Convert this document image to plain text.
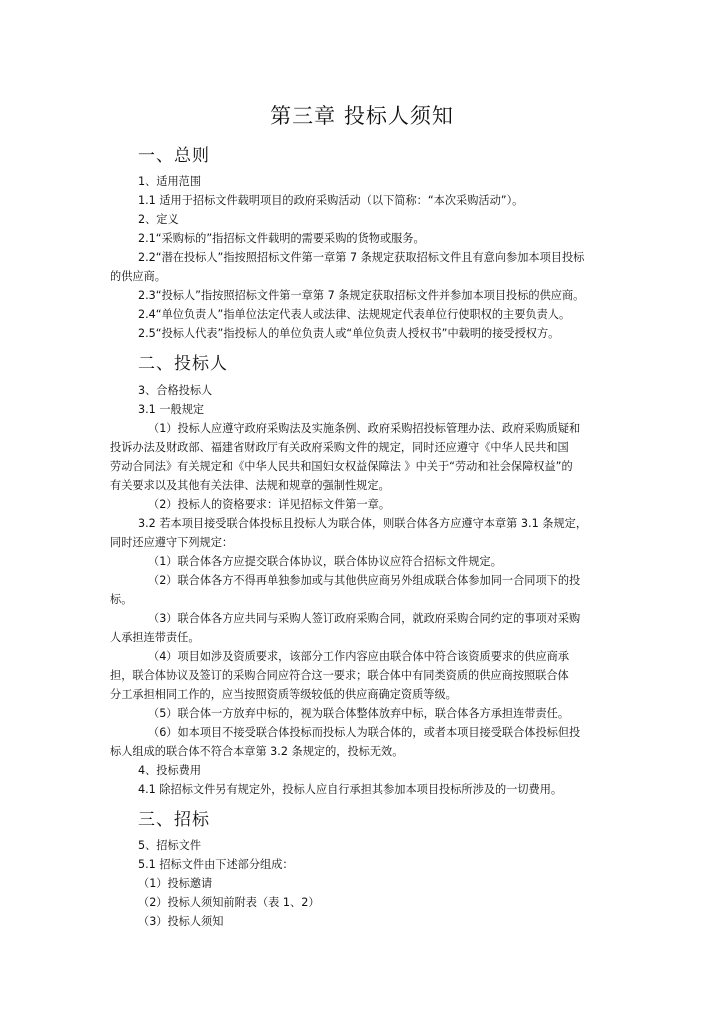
第三章 投标人须知
一、总则

1、适用范围

1.1 适用于招标文件载明项目的政府采购活动（以下简称：“本次采购活动”）。

2、定义

2.1“采购标的”指招标文件载明的需要采购的货物或服务。

2.2“潜在投标人”指按照招标文件第一章第 7 条规定获取招标文件且有意向参加本项目投标

的供应商。

2.3“投标人”指按照招标文件第一章第 7 条规定获取招标文件并参加本项目投标的供应商。

2.4“单位负责人”指单位法定代表人或法律、法规规定代表单位行使职权的主要负责人。

2.5“投标人代表”指投标人的单位负责人或“单位负责人授权书”中载明的接受授权方。

二、投标人

3、合格投标人

3.1 一般规定

（1）投标人应遵守政府采购法及实施条例、政府采购招投标管理办法、政府采购质疑和

投诉办法及财政部、福建省财政厅有关政府采购文件的规定，同时还应遵守《中华人民共和国

劳动合同法》有关规定和《中华人民共和国妇女权益保障法 》中关于“劳动和社会保障权益”的

有关要求以及其他有关法律、法规和规章的强制性规定。

（2）投标人的资格要求：详见招标文件第一章。

3.2 若本项目接受联合体投标且投标人为联合体，则联合体各方应遵守本章第 3.1 条规定，

同时还应遵守下列规定：

（1）联合体各方应提交联合体协议，联合体协议应符合招标文件规定。

（2）联合体各方不得再单独参加或与其他供应商另外组成联合体参加同一合同项下的投

标。

（3）联合体各方应共同与采购人签订政府采购合同，就政府采购合同约定的事项对采购

人承担连带责任。

（4）项目如涉及资质要求，该部分工作内容应由联合体中符合该资质要求的供应商承

担，联合体协议及签订的采购合同应符合这一要求；联合体中有同类资质的供应商按照联合体

分工承担相同工作的，应当按照资质等级较低的供应商确定资质等级。

（5）联合体一方放弃中标的，视为联合体整体放弃中标，联合体各方承担连带责任。

（6）如本项目不接受联合体投标而投标人为联合体的，或者本项目接受联合体投标但投

标人组成的联合体不符合本章第 3.2 条规定的，投标无效。

4、投标费用

4.1 除招标文件另有规定外，投标人应自行承担其参加本项目投标所涉及的一切费用。

三、招标

5、招标文件

5.1 招标文件由下述部分组成：

（1）投标邀请

（2）投标人须知前附表（表 1、2）

（3）投标人须知
